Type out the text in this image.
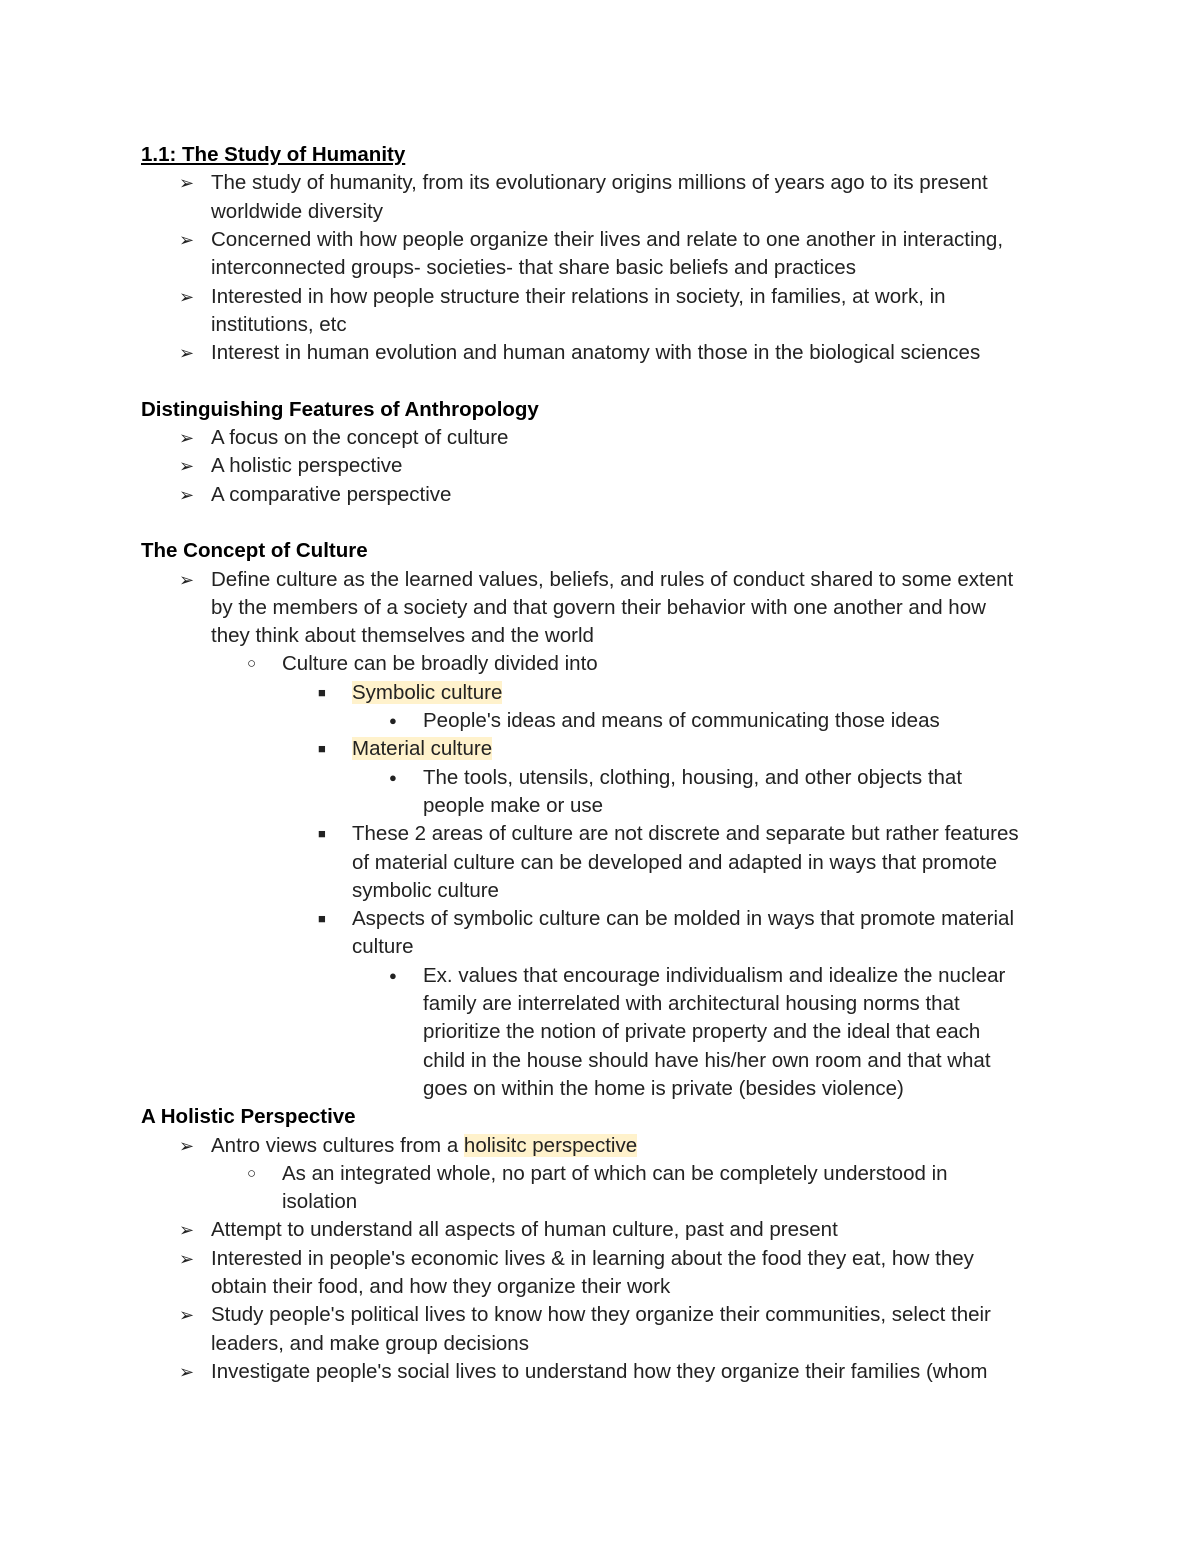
1.1: The Study of Humanity
➢ The study of humanity, from its evolutionary origins millions of years ago to its present
worldwide diversity
➢ Concerned with how people organize their lives and relate to one another in interacting,
interconnected groups- societies- that share basic beliefs and practices
➢ Interested in how people structure their relations in society, in families, at work, in
institutions, etc
➢ Interest in human evolution and human anatomy with those in the biological sciences
Distinguishing Features of Anthropology
➢ A focus on the concept of culture
➢ A holistic perspective
➢ A comparative perspective
The Concept of Culture
➢ Define culture as the learned values, beliefs, and rules of conduct shared to some extent
by the members of a society and that govern their behavior with one another and how
they think about themselves and the world
○ Culture can be broadly divided into
■ Symbolic culture
● People's ideas and means of communicating those ideas
■ Material culture
● The tools, utensils, clothing, housing, and other objects that
people make or use
■ These 2 areas of culture are not discrete and separate but rather features
of material culture can be developed and adapted in ways that promote
symbolic culture
■ Aspects of symbolic culture can be molded in ways that promote material
culture
● Ex. values that encourage individualism and idealize the nuclear
family are interrelated with architectural housing norms that
prioritize the notion of private property and the ideal that each
child in the house should have his/her own room and that what
goes on within the home is private (besides violence)
A Holistic Perspective
➢ Antro views cultures from a holisitc perspective
○ As an integrated whole, no part of which can be completely understood in
isolation
➢ Attempt to understand all aspects of human culture, past and present
➢ Interested in people's economic lives & in learning about the food they eat, how they
obtain their food, and how they organize their work
➢ Study people's political lives to know how they organize their communities, select their
leaders, and make group decisions
➢ Investigate people's social lives to understand how they organize their families (whom
